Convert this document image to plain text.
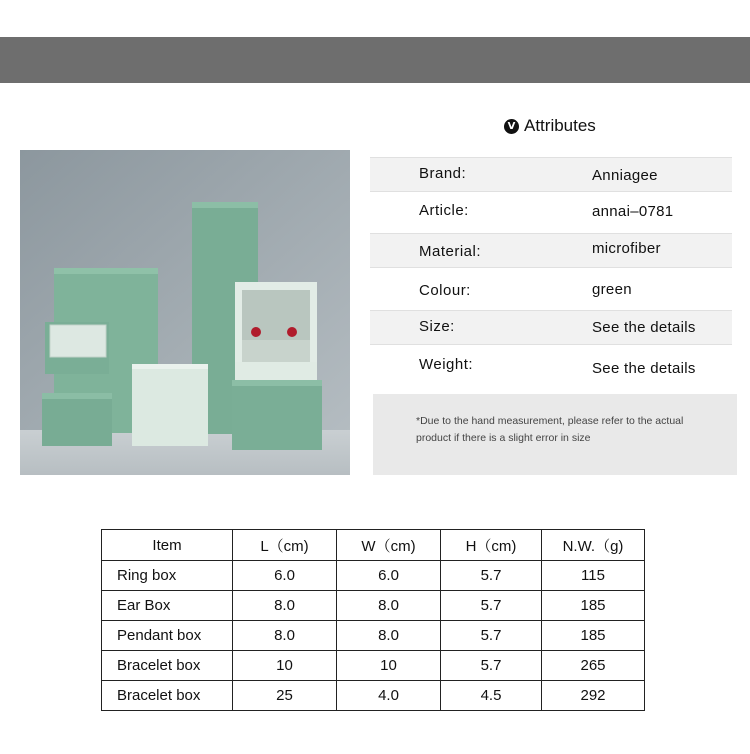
V Attributes
Brand:	Anniagee
Article:	annai–0781
Material:	microfiber
Colour:	green
Size:	See the details
Weight:	See the details
*Due to the hand measurement, please refer to the actual
product if there is a slight error in size
Item	L（cm)	W（cm)	H（cm)	N.W.（g)
Ring box	6.0	6.0	5.7	115
Ear Box	8.0	8.0	5.7	185
Pendant box	8.0	8.0	5.7	185
Bracelet box	10	10	5.7	265
Bracelet box	25	4.0	4.5	292
